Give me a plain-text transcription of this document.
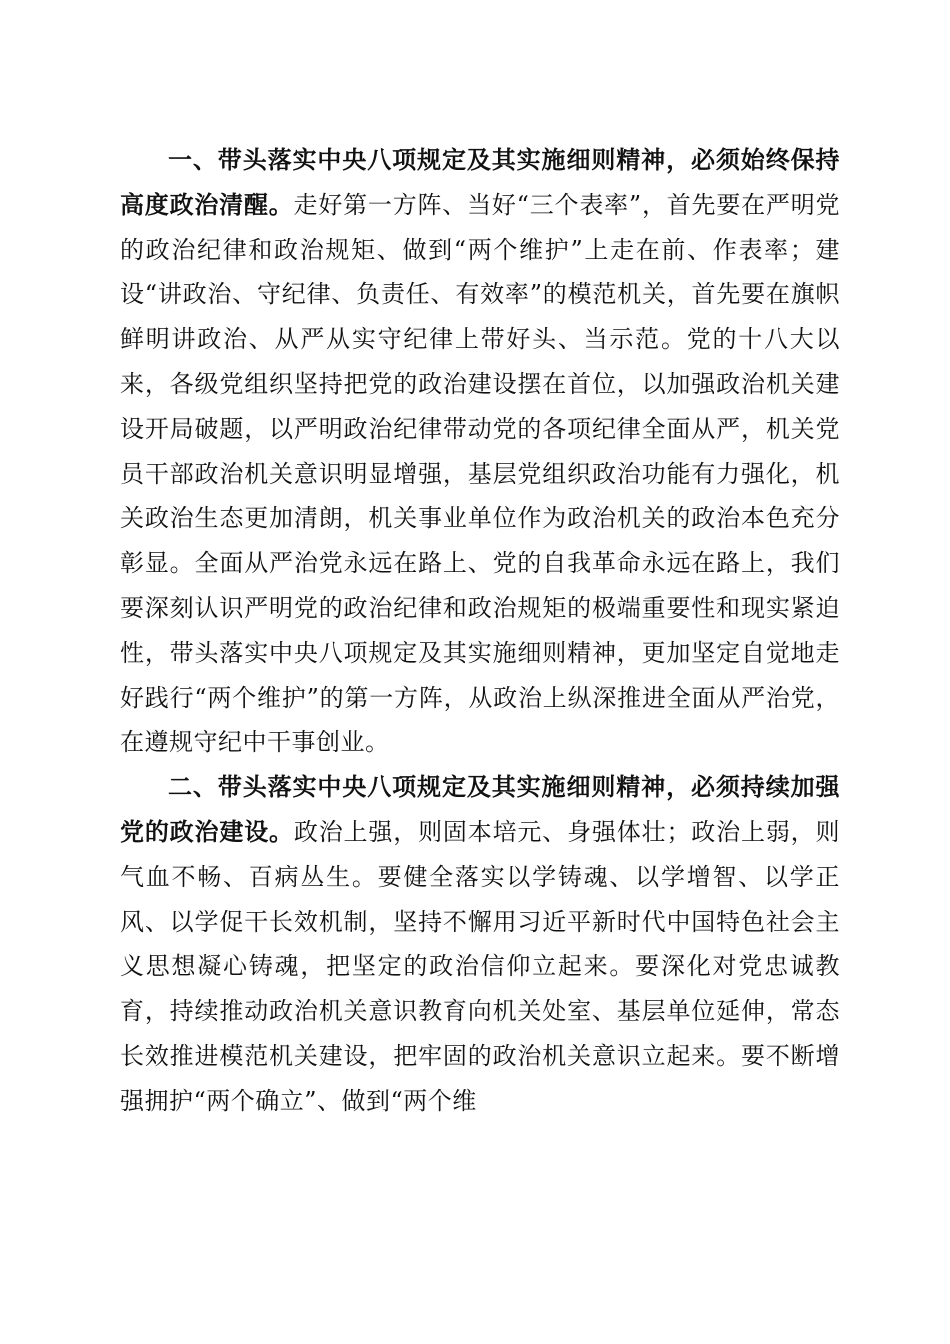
一、带头落实中央八项规定及其实施细则精神，必须始终保持高度政治清醒。走好第一方阵、当好“三个表率”，首先要在严明党的政治纪律和政治规矩、做到“两个维护”上走在前、作表率；建设“讲政治、守纪律、负责任、有效率”的模范机关，首先要在旗帜鲜明讲政治、从严从实守纪律上带好头、当示范。党的十八大以来，各级党组织坚持把党的政治建设摆在首位，以加强政治机关建设开局破题，以严明政治纪律带动党的各项纪律全面从严，机关党员干部政治机关意识明显增强，基层党组织政治功能有力强化，机关政治生态更加清朗，机关事业单位作为政治机关的政治本色充分彰显。全面从严治党永远在路上、党的自我革命永远在路上，我们要深刻认识严明党的政治纪律和政治规矩的极端重要性和现实紧迫性，带头落实中央八项规定及其实施细则精神，更加坚定自觉地走好践行“两个维护”的第一方阵，从政治上纵深推进全面从严治党，在遵规守纪中干事创业。

二、带头落实中央八项规定及其实施细则精神，必须持续加强党的政治建设。政治上强，则固本培元、身强体壮；政治上弱，则气血不畅、百病丛生。要健全落实以学铸魂、以学增智、以学正风、以学促干长效机制，坚持不懈用习近平新时代中国特色社会主义思想凝心铸魂，把坚定的政治信仰立起来。要深化对党忠诚教育，持续推动政治机关意识教育向机关处室、基层单位延伸，常态长效推进模范机关建设，把牢固的政治机关意识立起来。要不断增强拥护“两个确立”、做到“两个维
